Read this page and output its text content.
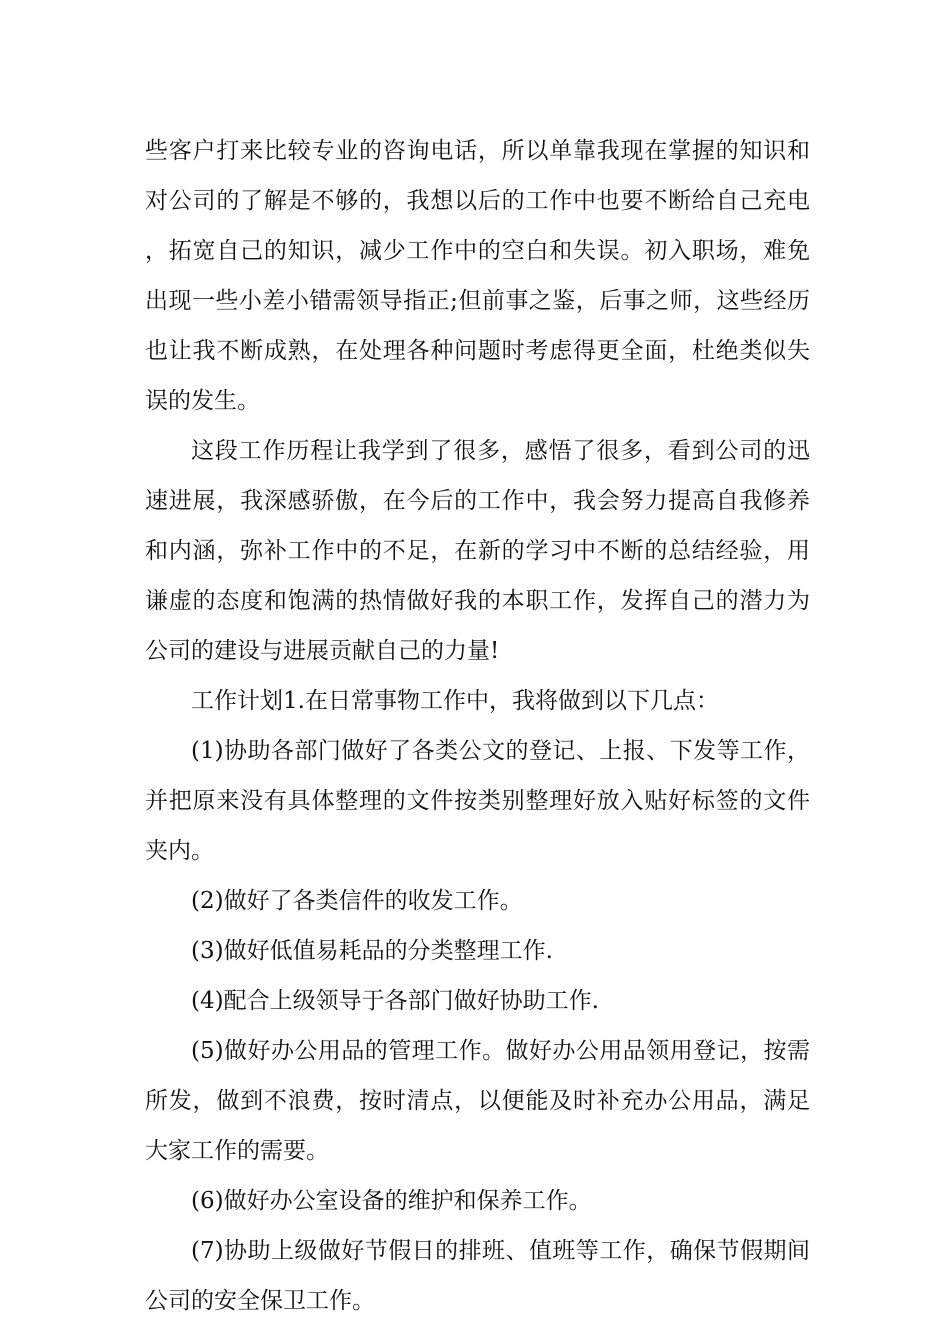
些客户打来比较专业的咨询电话，所以单靠我现在掌握的知识和对公司的了解是不够的，我想以后的工作中也要不断给自己充电，拓宽自己的知识，减少工作中的空白和失误。初入职场，难免出现一些小差小错需领导指正;但前事之鉴，后事之师，这些经历也让我不断成熟，在处理各种问题时考虑得更全面，杜绝类似失误的发生。

这段工作历程让我学到了很多，感悟了很多，看到公司的迅速进展，我深感骄傲，在今后的工作中，我会努力提高自我修养和内涵，弥补工作中的不足，在新的学习中不断的总结经验，用谦虚的态度和饱满的热情做好我的本职工作，发挥自己的潜力为公司的建设与进展贡献自己的力量!

工作计划1.在日常事物工作中，我将做到以下几点：

(1)协助各部门做好了各类公文的登记、上报、下发等工作，并把原来没有具体整理的文件按类别整理好放入贴好标签的文件夹内。

(2)做好了各类信件的收发工作。

(3)做好低值易耗品的分类整理工作.

(4)配合上级领导于各部门做好协助工作.

(5)做好办公用品的管理工作。做好办公用品领用登记，按需所发，做到不浪费，按时清点，以便能及时补充办公用品，满足大家工作的需要。

(6)做好办公室设备的维护和保养工作。

(7)协助上级做好节假日的排班、值班等工作，确保节假期间公司的安全保卫工作。
